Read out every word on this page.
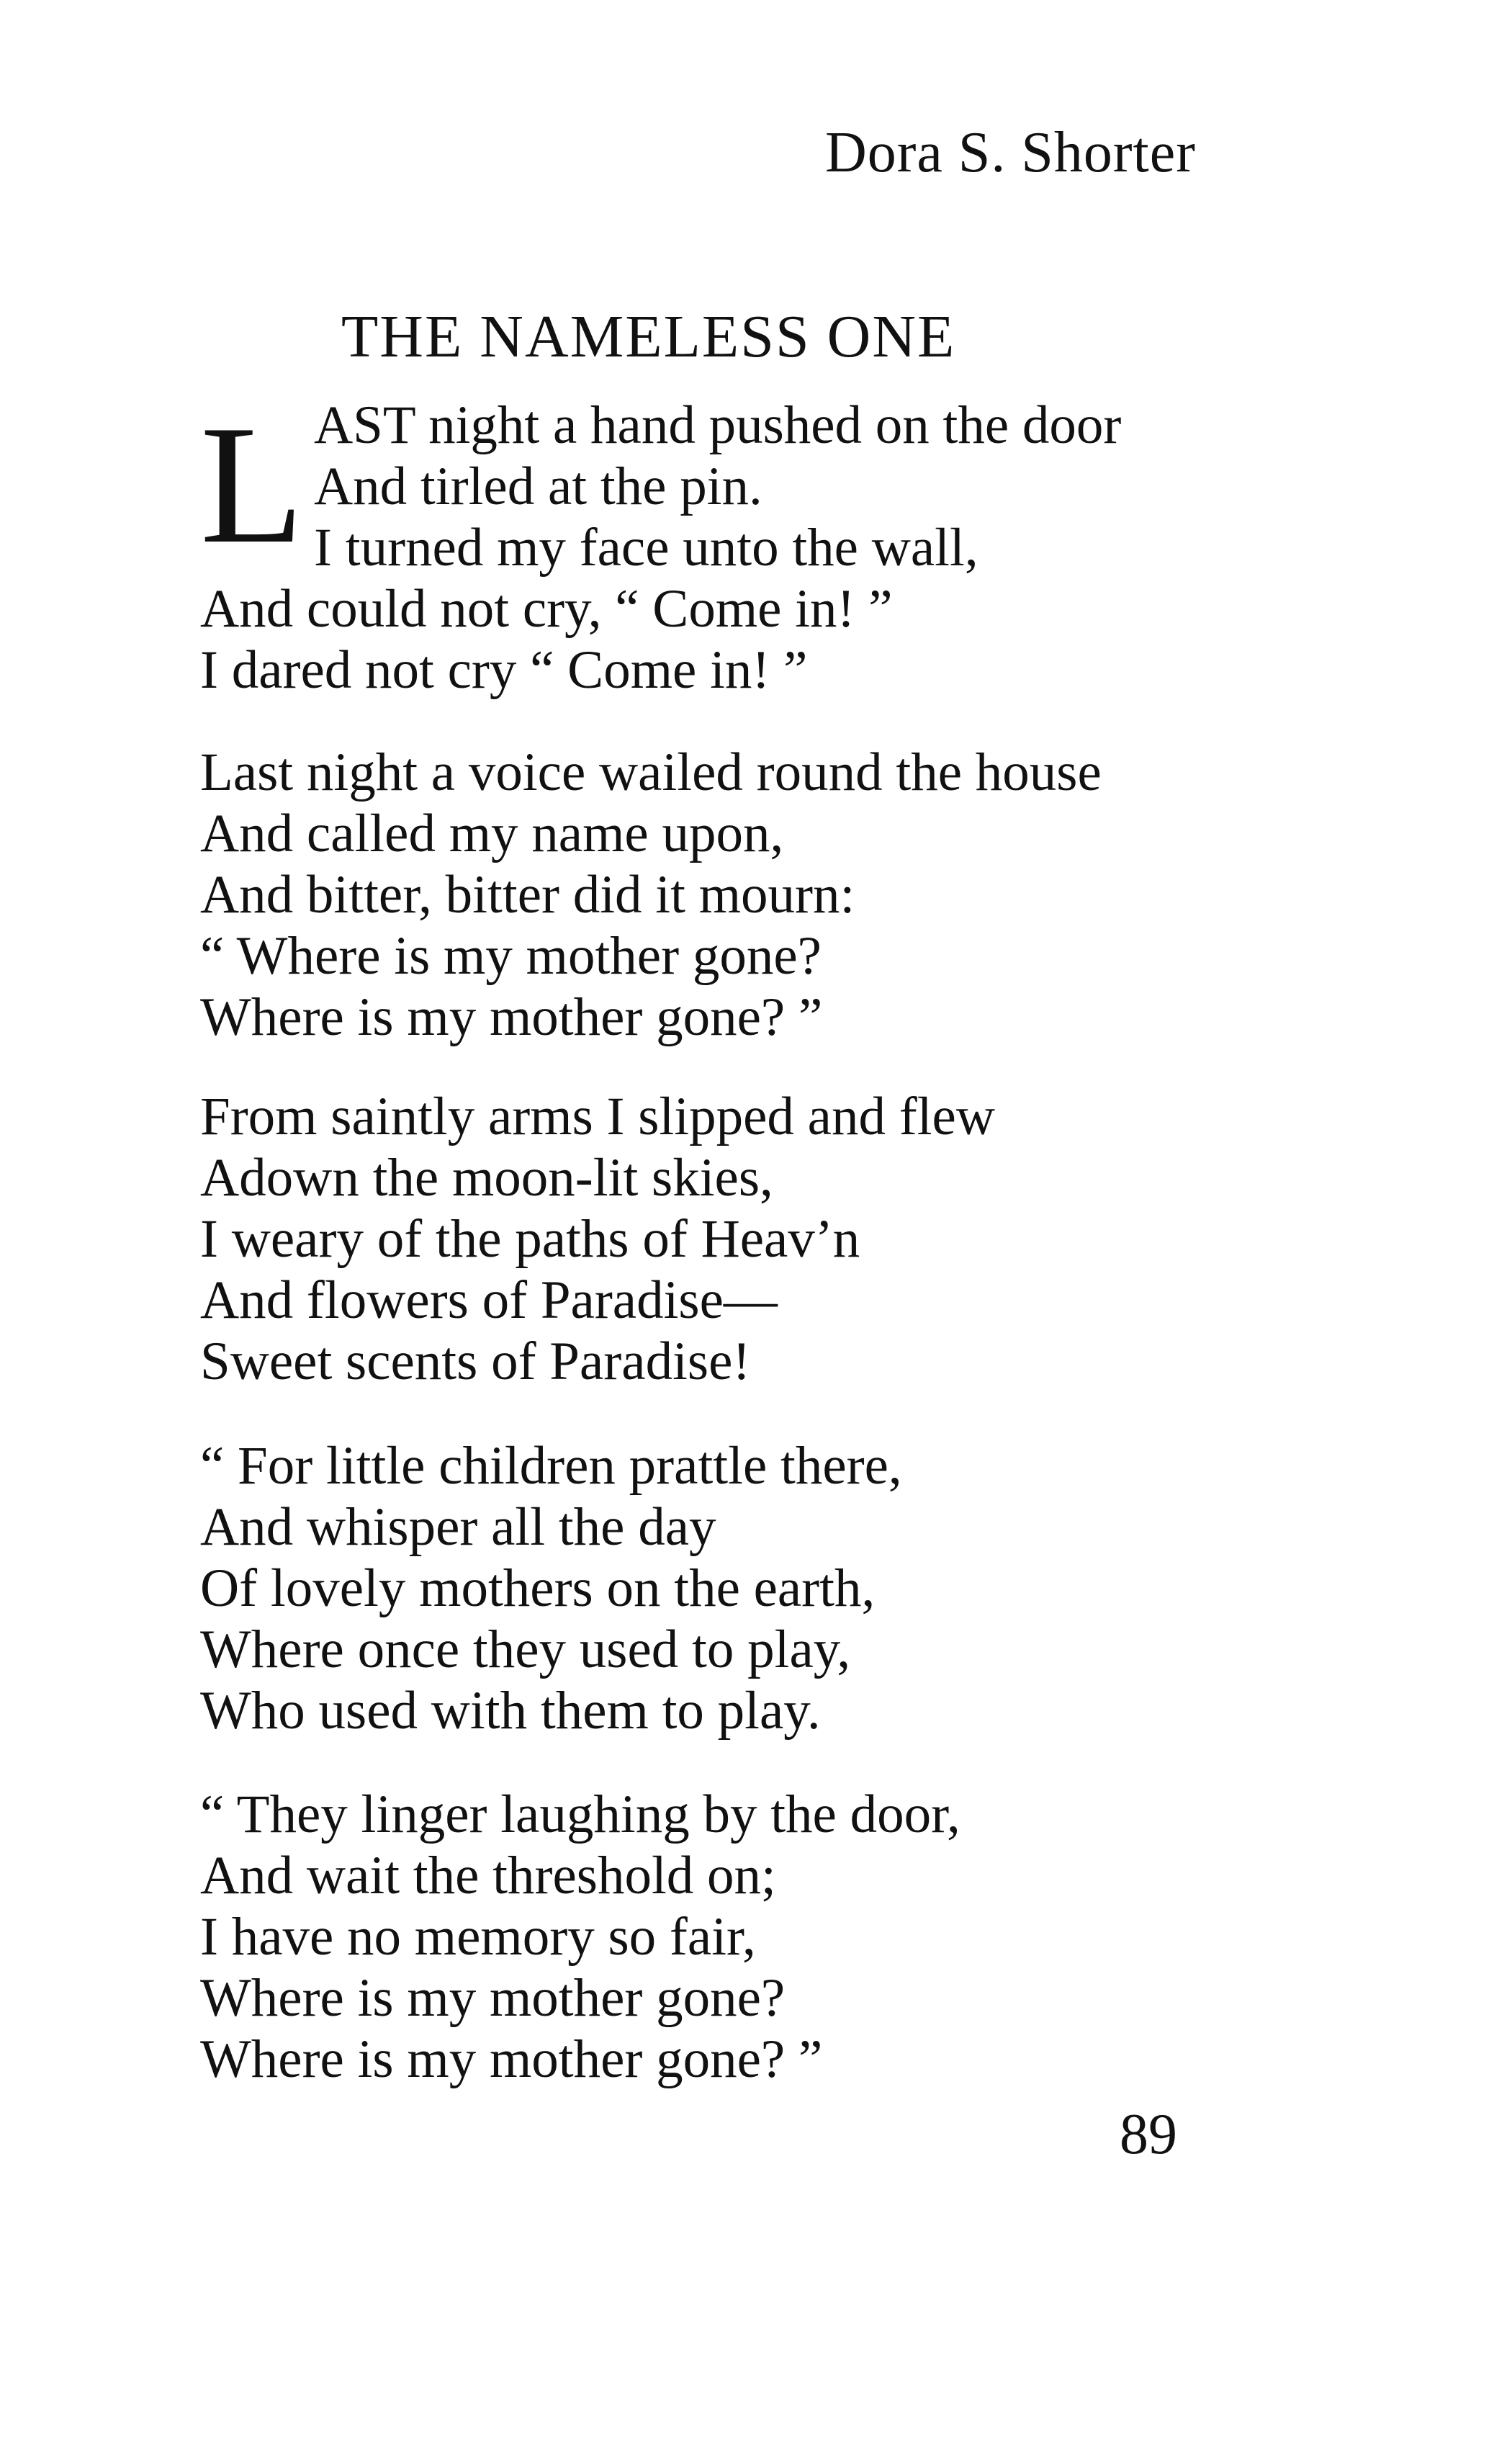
Dora S. Shorter
THE NAMELESS ONE
L AST night a hand pushed on the door
And tirled at the pin.
I turned my face unto the wall,
And could not cry, “ Come in! ”
I dared not cry “ Come in! ”
Last night a voice wailed round the house
And called my name upon,
And bitter, bitter did it mourn:
“ Where is my mother gone?
Where is my mother gone? ”
From saintly arms I slipped and flew
Adown the moon-lit skies,
I weary of the paths of Heav’n
And flowers of Paradise—
Sweet scents of Paradise!
“ For little children prattle there,
And whisper all the day
Of lovely mothers on the earth,
Where once they used to play,
Who used with them to play.
“ They linger laughing by the door,
And wait the threshold on;
I have no memory so fair,
Where is my mother gone?
Where is my mother gone? ”
89
